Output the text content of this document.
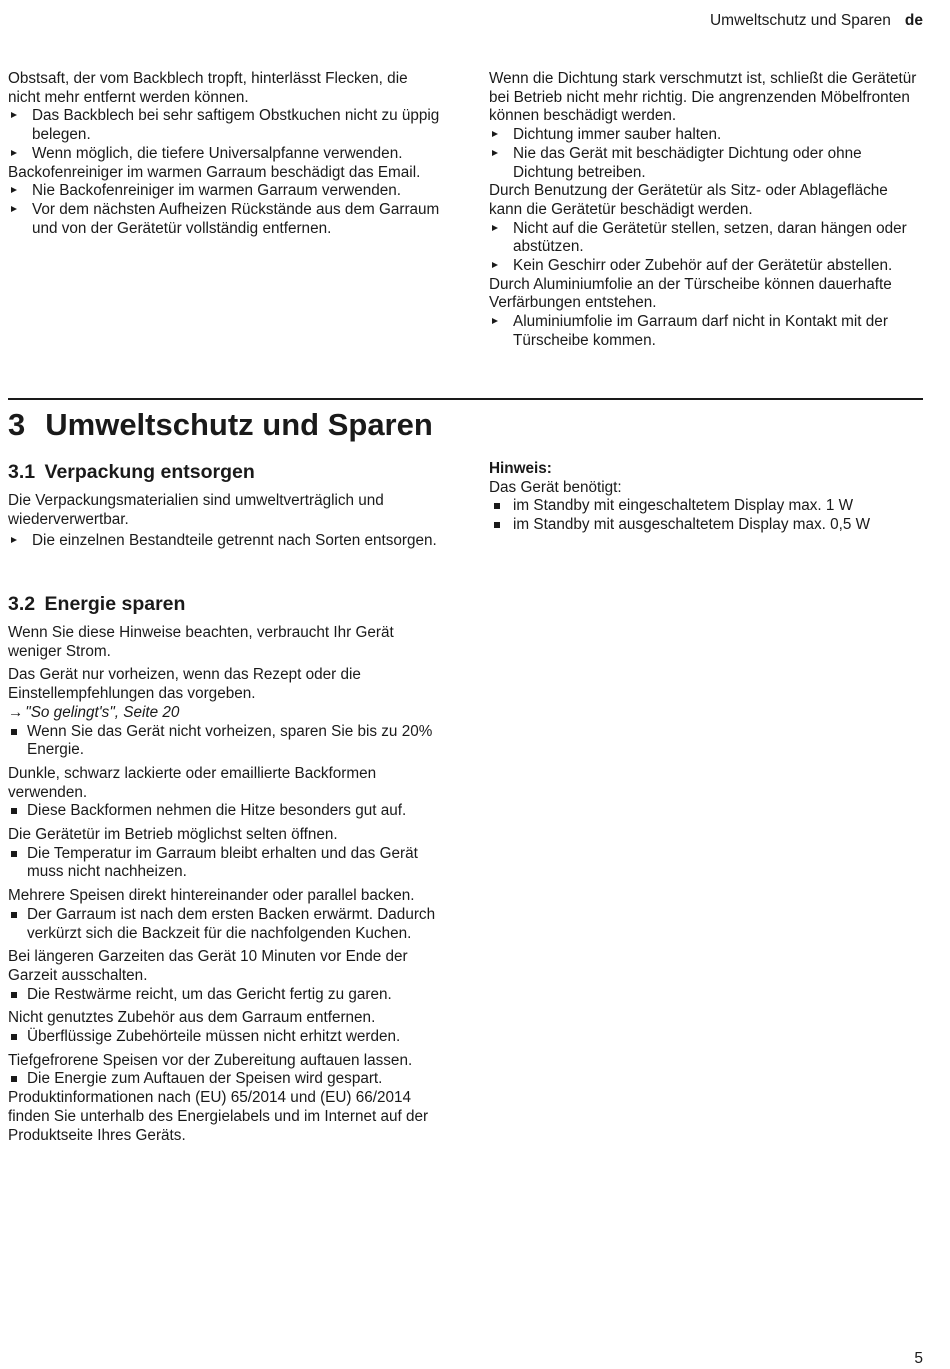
Umweltschutz und Sparen de

Obstsaft, der vom Backblech tropft, hinterlässt Flecken, die nicht mehr entfernt werden können.

Das Backblech bei sehr saftigem Obstkuchen nicht zu üppig belegen.

Wenn möglich, die tiefere Universalpfanne verwenden.

Backofenreiniger im warmen Garraum beschädigt das Email.

Nie Backofenreiniger im warmen Garraum verwenden.

Vor dem nächsten Aufheizen Rückstände aus dem Garraum und von der Gerätetür vollständig entfernen.

Wenn die Dichtung stark verschmutzt ist, schließt die Gerätetür bei Betrieb nicht mehr richtig. Die angrenzenden Möbelfronten können beschädigt werden.

Dichtung immer sauber halten.

Nie das Gerät mit beschädigter Dichtung oder ohne Dichtung betreiben.

Durch Benutzung der Gerätetür als Sitz- oder Ablagefläche kann die Gerätetür beschädigt werden.

Nicht auf die Gerätetür stellen, setzen, daran hängen oder abstützen.

Kein Geschirr oder Zubehör auf der Gerätetür abstellen.

Durch Aluminiumfolie an der Türscheibe können dauerhafte Verfärbungen entstehen.

Aluminiumfolie im Garraum darf nicht in Kontakt mit der Türscheibe kommen.

3 Umweltschutz und Sparen
3.1 Verpackung entsorgen

Die Verpackungsmaterialien sind umweltverträglich und wiederverwertbar.

Die einzelnen Bestandteile getrennt nach Sorten entsorgen.

Hinweis:

Das Gerät benötigt:

im Standby mit eingeschaltetem Display max. 1 W

im Standby mit ausgeschaltetem Display max. 0,5 W

3.2 Energie sparen

Wenn Sie diese Hinweise beachten, verbraucht Ihr Gerät weniger Strom.

Das Gerät nur vorheizen, wenn das Rezept oder die Einstellempfehlungen das vorgeben.

→ "So gelingt's", Seite 20

Wenn Sie das Gerät nicht vorheizen, sparen Sie bis zu 20% Energie.

Dunkle, schwarz lackierte oder emaillierte Backformen verwenden.

Diese Backformen nehmen die Hitze besonders gut auf.

Die Gerätetür im Betrieb möglichst selten öffnen.

Die Temperatur im Garraum bleibt erhalten und das Gerät muss nicht nachheizen.

Mehrere Speisen direkt hintereinander oder parallel backen.

Der Garraum ist nach dem ersten Backen erwärmt. Dadurch verkürzt sich die Backzeit für die nachfolgenden Kuchen.

Bei längeren Garzeiten das Gerät 10 Minuten vor Ende der Garzeit ausschalten.

Die Restwärme reicht, um das Gericht fertig zu garen.

Nicht genutztes Zubehör aus dem Garraum entfernen.

Überflüssige Zubehörteile müssen nicht erhitzt werden.

Tiefgefrorene Speisen vor der Zubereitung auftauen lassen.

Die Energie zum Auftauen der Speisen wird gespart.

Produktinformationen nach (EU) 65/2014 und (EU) 66/2014 finden Sie unterhalb des Energielabels und im Internet auf der Produktseite Ihres Geräts.

5
